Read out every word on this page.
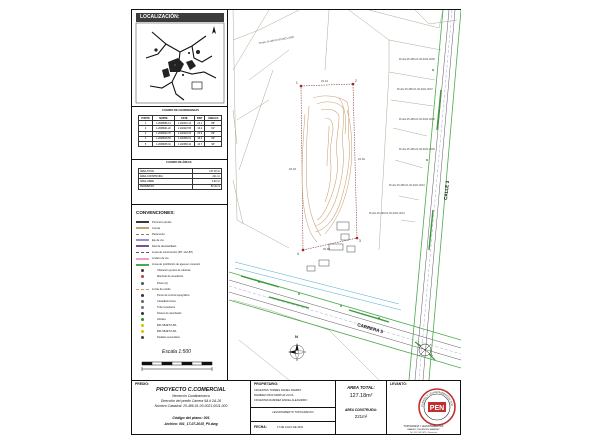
LOCALIZACIÓN:
CUADRO DE COORDENADAS
PUNTO	NORTE	ESTE	DIST	ÁNGULO
1	1.2008956.14	1.102401.14	22.1	88°
2	1.2008941.22	1.102423.55	16.4	91°
3	1.2008920.78	1.102418.03	20.9	89°
4	1.2008918.50	1.102396.61	18.2	92°
5	1.2008935.01	1.102389.44	14.7	90°
CUADRO DE ÁREAS
ÁREA TOTAL	127.18 m²
ÁREA CONSTRUIDA	221 m²
ÁREA LIBRE	0.00 m²
PERÍMETRO	52.40 ml
CONVENCIONES:
Perímetro predio
Curvas
Paramento
Eje de vía
Red de alcantarillado
Línea de construcción (BT. 1AA B7)
Lindero de vía
Línea de prohibición de agua en conexión
Ubicación puntos de tuberías
Manhole de acueducto
Poste (A)
Límite de predio
Punto de control topográfico
Casa/Estructura
Tubo tenedores
Postes de alumbrado
Arboles
BM-OBJETO-BA
BM-OBJETO-BA
Pedales secundario
Escala 1:500
1	2
3
4
22.10
16.40
20.90
18.20
CARRERA 5
CALLE 3
N
Predio 25-486-01-00-0021-0005
Predio 25-486-01-00-0021-0006
Predio 25-486-01-00-0021-0007
Predio 25-486-01-00-0021-0008
Predio 25-486-01-00-0021-0009
Predio 25-486-01-00-0021-0010
Predio 25-486-01-00-0021-0012
PREDIO:
PROYECTO C.COMERCIAL
Nemocón Cundinamarca
Dirección del predio Carrera 5A # 2A-26
Número Catastral: 25-486-01-00-0021-0011-000
Código del plano: 001
Archivo: 001_17-07-2015_P0.dwg
PROPIETARIO:
CIFUENTES TORRES DANIEL RAMIRO
RAMIREZ CRUZ MARTHA LUCIA
CIFUENTES RAMIREZ DANIEL ALEJANDRO
LEVANTAMIENTO TOPOGRÁFICO
FECHA:	17 DE JULIO DE 2015
AREA TOTAL:
127.18m²
AREA CONSTRUIDA:
221m²
LEVANTÓ:
PEN
PLANOS Y LEVANTAMIENTOS TOP
TOPOGRAFÍA Y LEVANTAMIENTOS
RAMIRO CIFUENTES RAMIREZ
Tel: 311 234 5678 - Nemocón
